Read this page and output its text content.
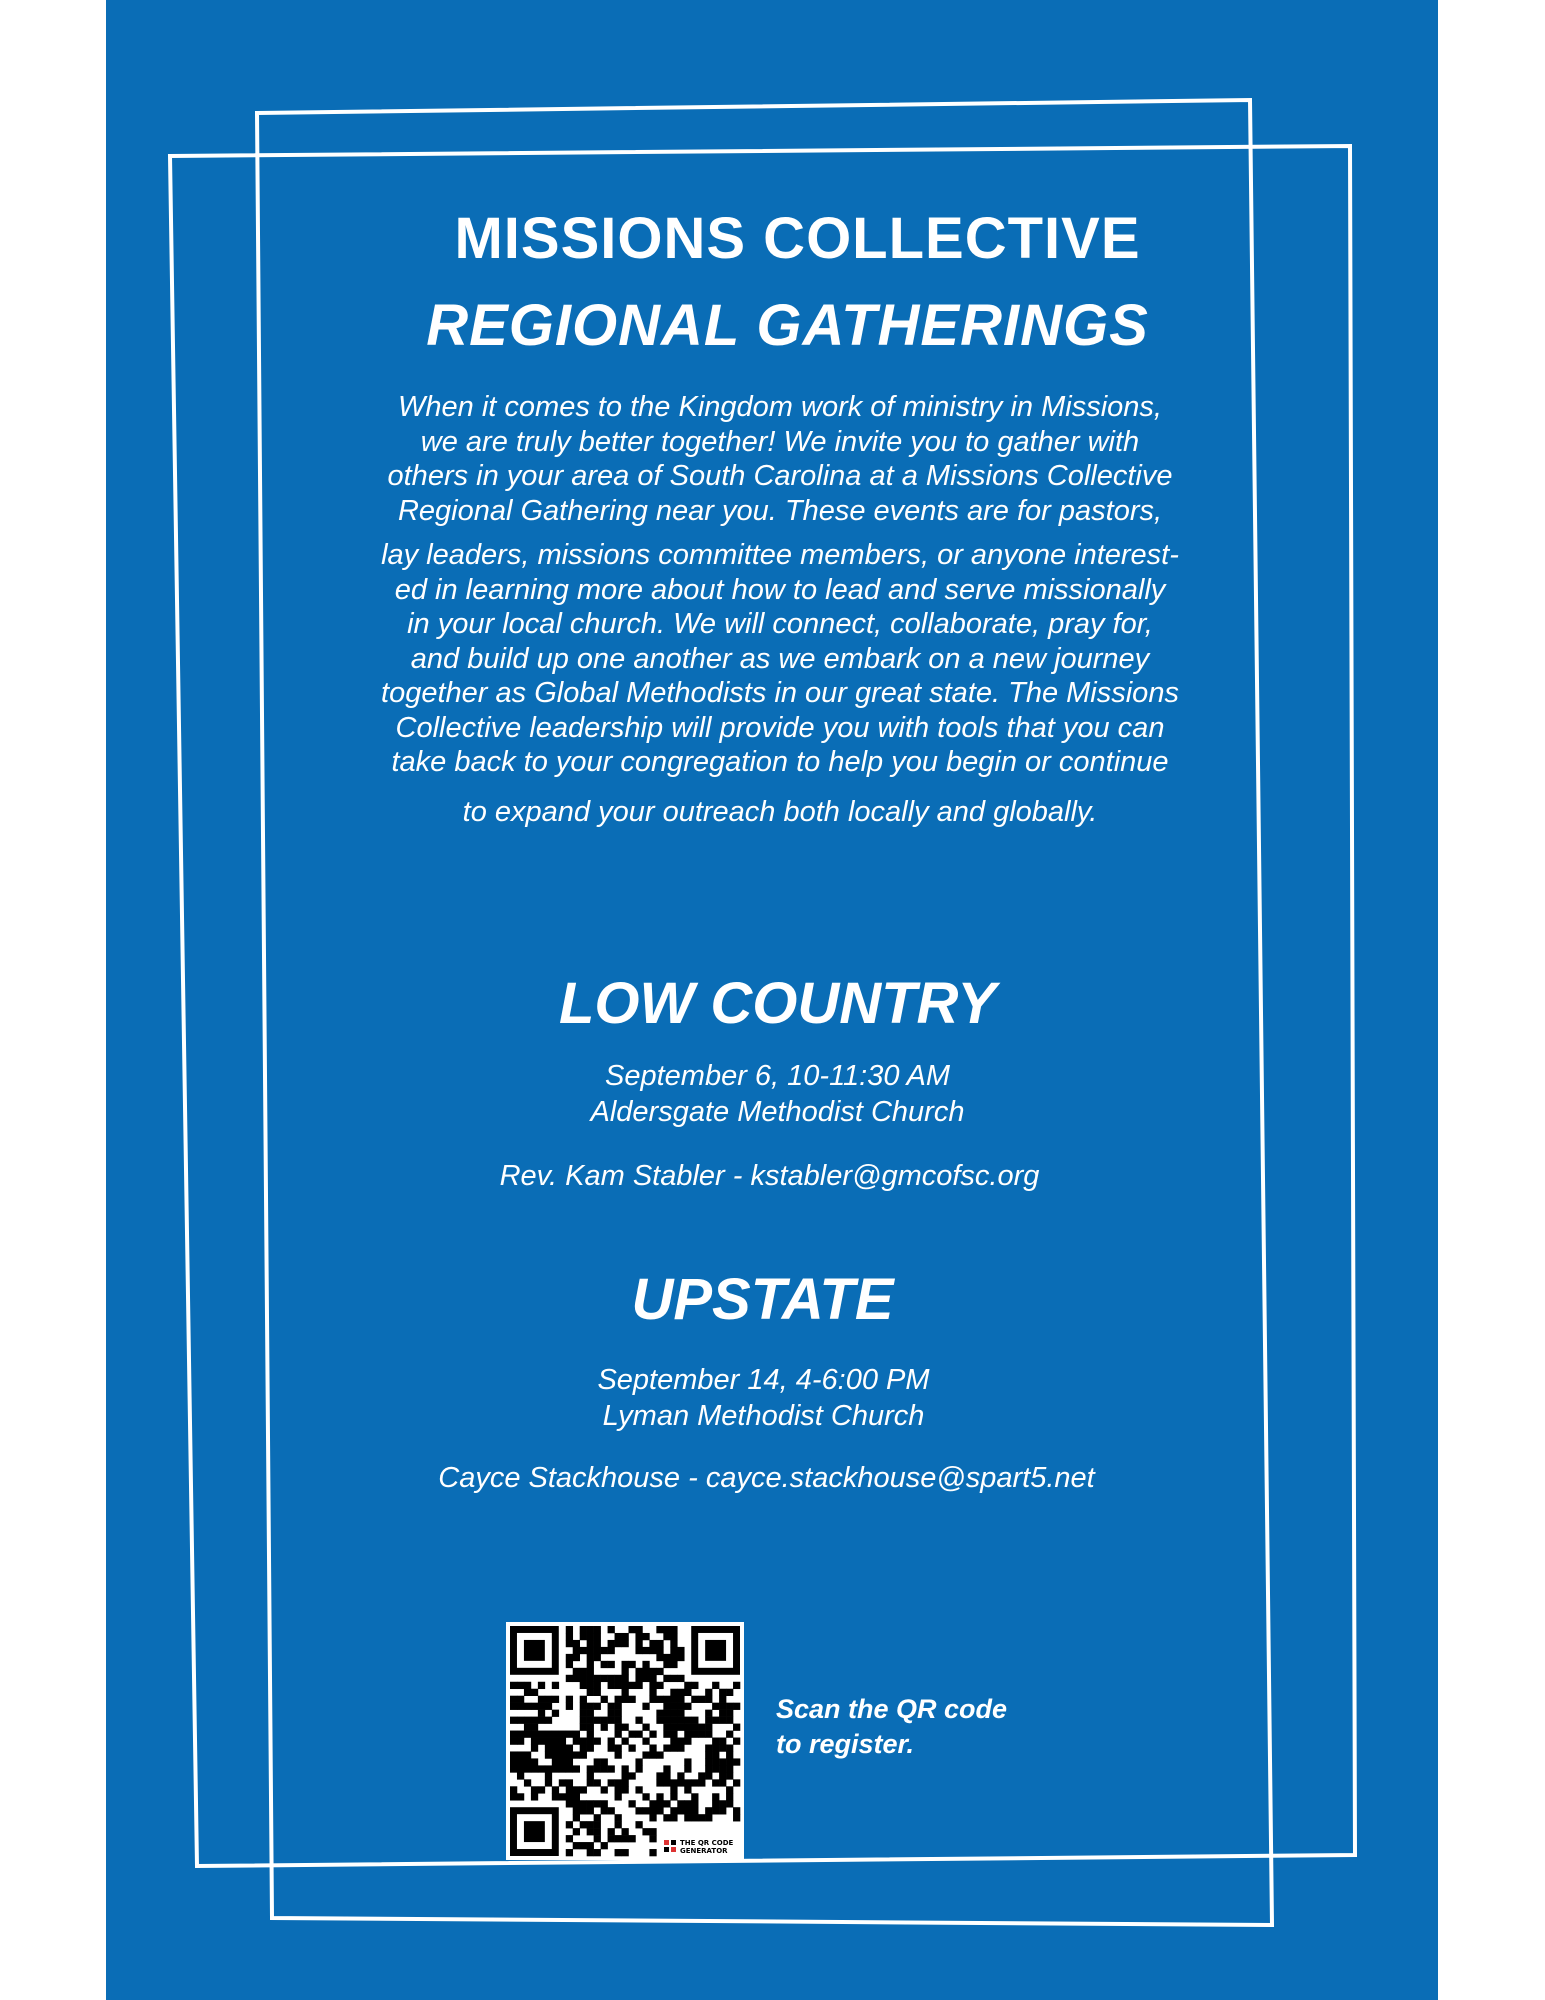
MISSIONS COLLECTIVE
REGIONAL GATHERINGS
When it comes to the Kingdom work of ministry in Missions,
we are truly better together! We invite you to gather with
others in your area of South Carolina at a Missions Collective
Regional Gathering near you. These events are for pastors,
lay leaders, missions committee members, or anyone interest-
ed in learning more about how to lead and serve missionally
in your local church. We will connect, collaborate, pray for,
and build up one another as we embark on a new journey
together as Global Methodists in our great state. The Missions
Collective leadership will provide you with tools that you can
take back to your congregation to help you begin or continue
to expand your outreach both locally and globally.
LOW COUNTRY
September 6, 10-11:30 AM
Aldersgate Methodist Church
Rev. Kam Stabler - kstabler@gmcofsc.org
UPSTATE
September 14, 4-6:00 PM
Lyman Methodist Church
Cayce Stackhouse - cayce.stackhouse@spart5.net
THE QR CODE
GENERATOR
Scan the QR code
to register.
